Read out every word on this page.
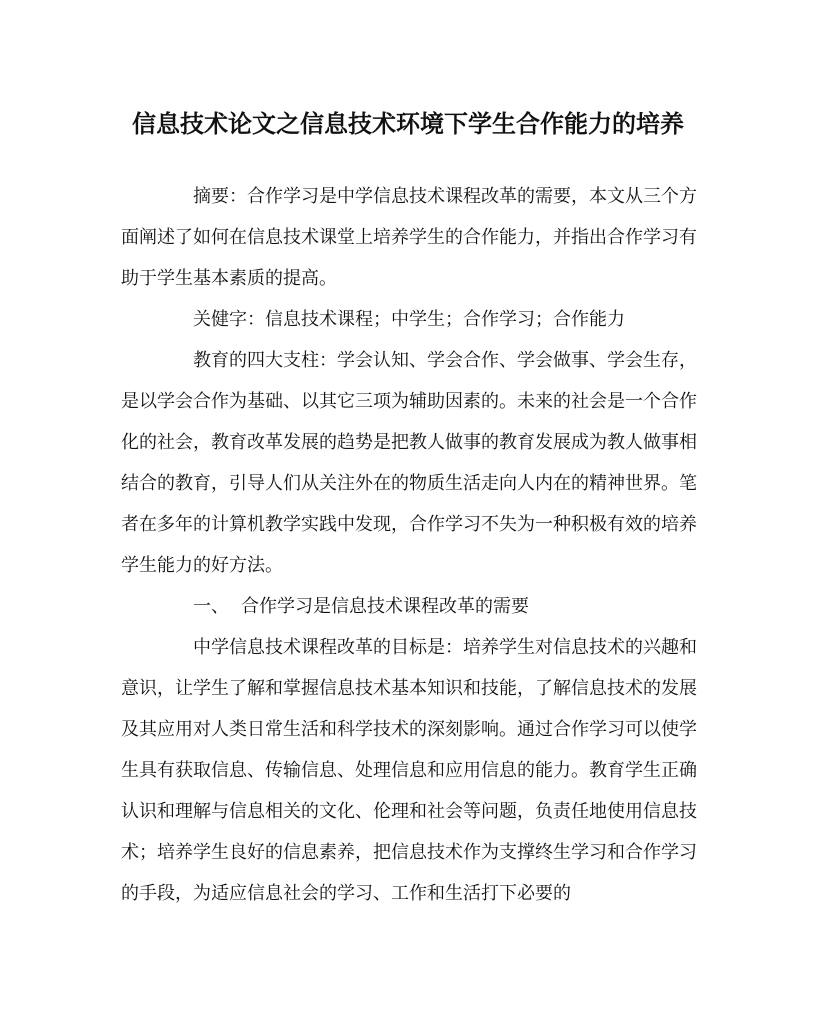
信息技术论文之信息技术环境下学生合作能力的培养

摘要：合作学习是中学信息技术课程改革的需要，本文从三个方面阐述了如何在信息技术课堂上培养学生的合作能力，并指出合作学习有助于学生基本素质的提高。

关健字：信息技术课程；中学生；合作学习；合作能力

教育的四大支柱：学会认知、学会合作、学会做事、学会生存，是以学会合作为基础、以其它三项为辅助因素的。未来的社会是一个合作化的社会，教育改革发展的趋势是把教人做事的教育发展成为教人做事相结合的教育，引导人们从关注外在的物质生活走向人内在的精神世界。笔者在多年的计算机教学实践中发现，合作学习不失为一种积极有效的培养学生能力的好方法。

一、 合作学习是信息技术课程改革的需要

中学信息技术课程改革的目标是：培养学生对信息技术的兴趣和意识，让学生了解和掌握信息技术基本知识和技能，了解信息技术的发展及其应用对人类日常生活和科学技术的深刻影响。通过合作学习可以使学生具有获取信息、传输信息、处理信息和应用信息的能力。教育学生正确认识和理解与信息相关的文化、伦理和社会等问题，负责任地使用信息技术；培养学生良好的信息素养，把信息技术作为支撑终生学习和合作学习的手段，为适应信息社会的学习、工作和生活打下必要的
